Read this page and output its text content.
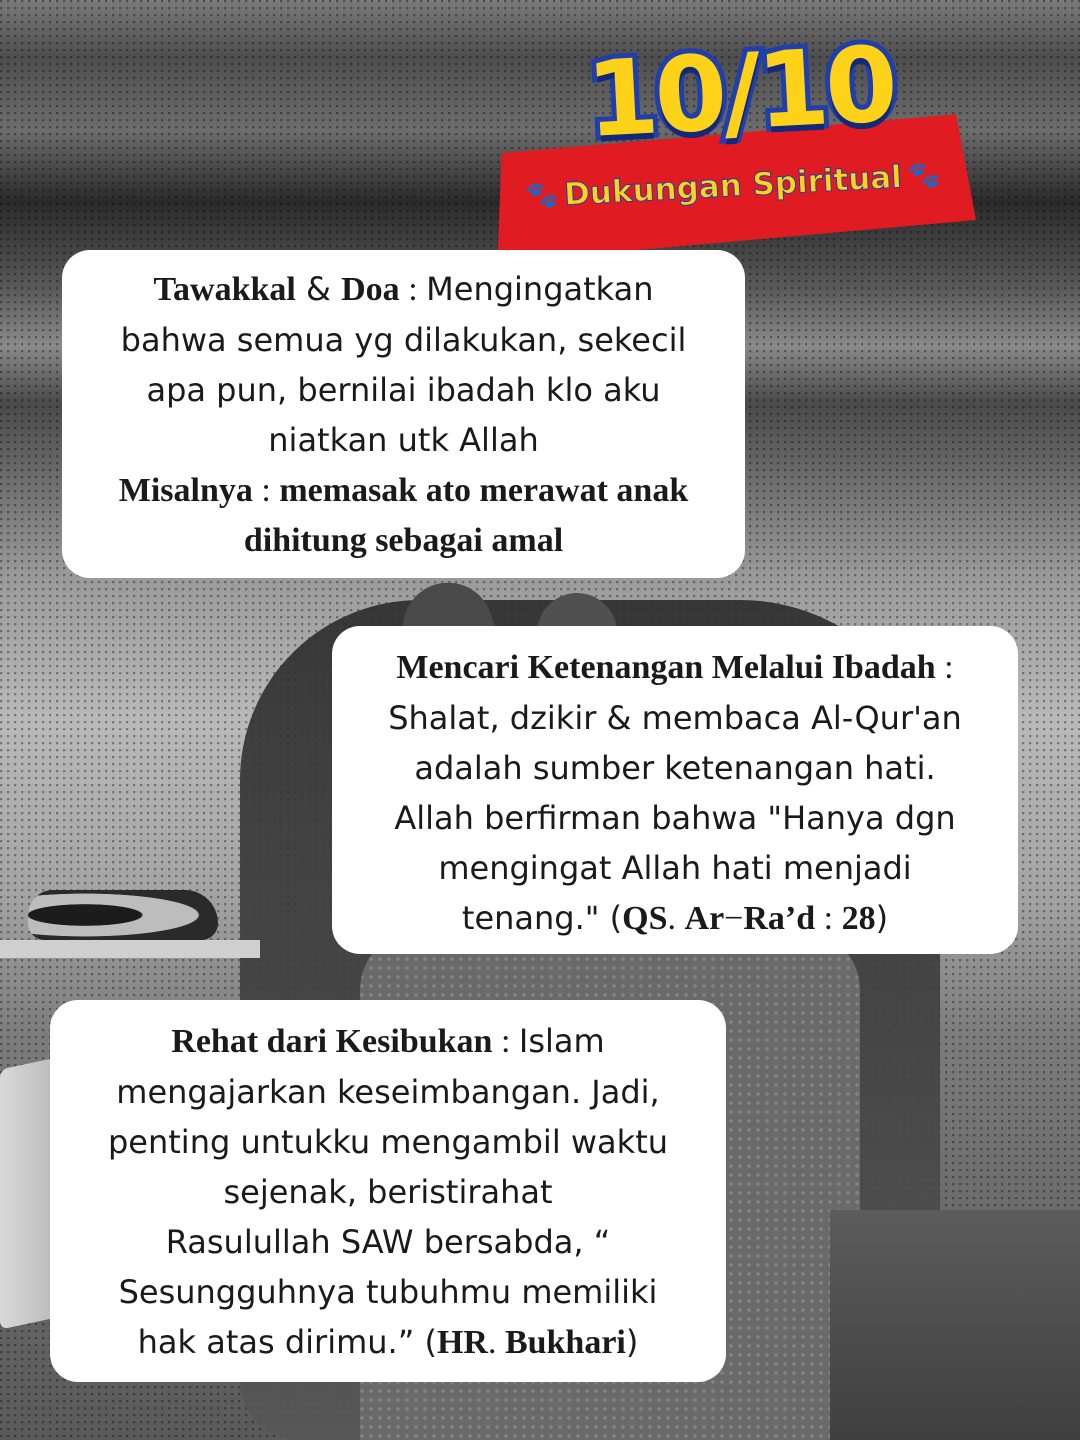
10/10
🐾 Dukungan Spiritual 🐾
Tawakkal & Doa : Mengingatkan
bahwa semua yg dilakukan, sekecil
apa pun, bernilai ibadah klo aku
niatkan utk Allah
Misalnya : memasak ato merawat anak
dihitung sebagai amal
Mencari Ketenangan Melalui Ibadah :
Shalat, dzikir & membaca Al-Qur'an
adalah sumber ketenangan hati.
Allah berfirman bahwa "Hanya dgn
mengingat Allah hati menjadi
tenang." (QS. Ar−Ra’d : 28)
Rehat dari Kesibukan : Islam
mengajarkan keseimbangan. Jadi,
penting untukku mengambil waktu
sejenak, beristirahat
Rasulullah SAW bersabda, “
Sesungguhnya tubuhmu memiliki
hak atas dirimu.” (HR. Bukhari)
